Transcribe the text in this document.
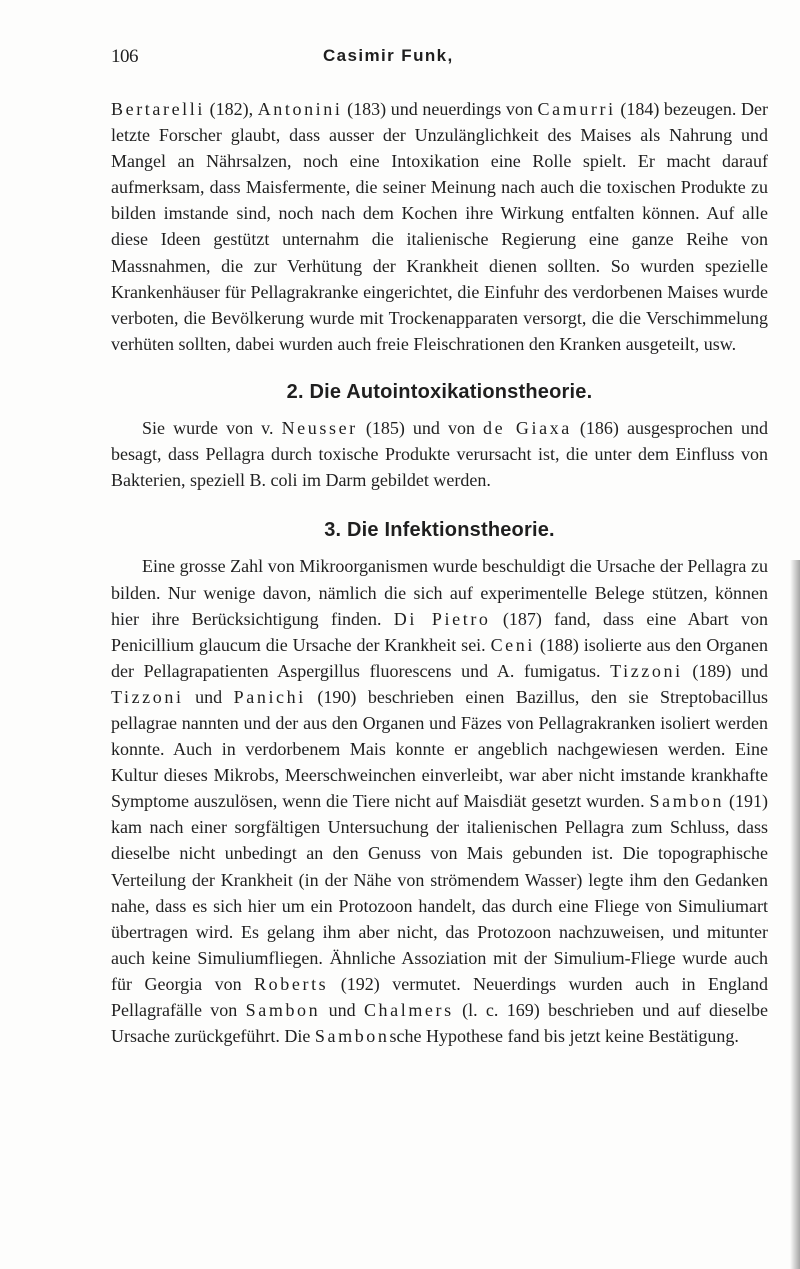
106	Casimir Funk,

Bertarelli (182), Antonini (183) und neuerdings von Camurri (184) bezeugen. Der letzte Forscher glaubt, dass ausser der Unzulänglichkeit des Maises als Nahrung und Mangel an Nährsalzen, noch eine Intoxikation eine Rolle spielt. Er macht darauf aufmerksam, dass Maisfermente, die seiner Meinung nach auch die toxischen Produkte zu bilden imstande sind, noch nach dem Kochen ihre Wirkung entfalten können. Auf alle diese Ideen gestützt unternahm die italienische Regierung eine ganze Reihe von Massnahmen, die zur Verhütung der Krankheit dienen sollten. So wurden spezielle Krankenhäuser für Pellagrakranke eingerichtet, die Einfuhr des verdorbenen Maises wurde verboten, die Bevölkerung wurde mit Trockenapparaten versorgt, die die Verschimmelung verhüten sollten, dabei wurden auch freie Fleischrationen den Kranken ausgeteilt, usw.

2. Die Autointoxikationstheorie.

Sie wurde von v. Neusser (185) und von de Giaxa (186) ausgesprochen und besagt, dass Pellagra durch toxische Produkte verursacht ist, die unter dem Einfluss von Bakterien, speziell B. coli im Darm gebildet werden.

3. Die Infektionstheorie.

Eine grosse Zahl von Mikroorganismen wurde beschuldigt die Ursache der Pellagra zu bilden. Nur wenige davon, nämlich die sich auf experimentelle Belege stützen, können hier ihre Berücksichtigung finden. Di Pietro (187) fand, dass eine Abart von Penicillium glaucum die Ursache der Krankheit sei. Ceni (188) isolierte aus den Organen der Pellagrapatienten Aspergillus fluorescens und A. fumigatus. Tizzoni (189) und Tizzoni und Panichi (190) beschrieben einen Bazillus, den sie Streptobacillus pellagrae nannten und der aus den Organen und Fäzes von Pellagrakranken isoliert werden konnte. Auch in verdorbenem Mais konnte er angeblich nachgewiesen werden. Eine Kultur dieses Mikrobs, Meerschweinchen einverleibt, war aber nicht imstande krankhafte Symptome auszulösen, wenn die Tiere nicht auf Maisdiät gesetzt wurden. Sambon (191) kam nach einer sorgfältigen Untersuchung der italienischen Pellagra zum Schluss, dass dieselbe nicht unbedingt an den Genuss von Mais gebunden ist. Die topographische Verteilung der Krankheit (in der Nähe von strömendem Wasser) legte ihm den Gedanken nahe, dass es sich hier um ein Protozoon handelt, das durch eine Fliege von Simuliumart übertragen wird. Es gelang ihm aber nicht, das Protozoon nachzuweisen, und mitunter auch keine Simuliumfliegen. Ähnliche Assoziation mit der Simulium-Fliege wurde auch für Georgia von Roberts (192) vermutet. Neuerdings wurden auch in England Pellagrafälle von Sambon und Chalmers (l. c. 169) beschrieben und auf dieselbe Ursache zurückgeführt. Die Sambonsche Hypothese fand bis jetzt keine Bestätigung.
